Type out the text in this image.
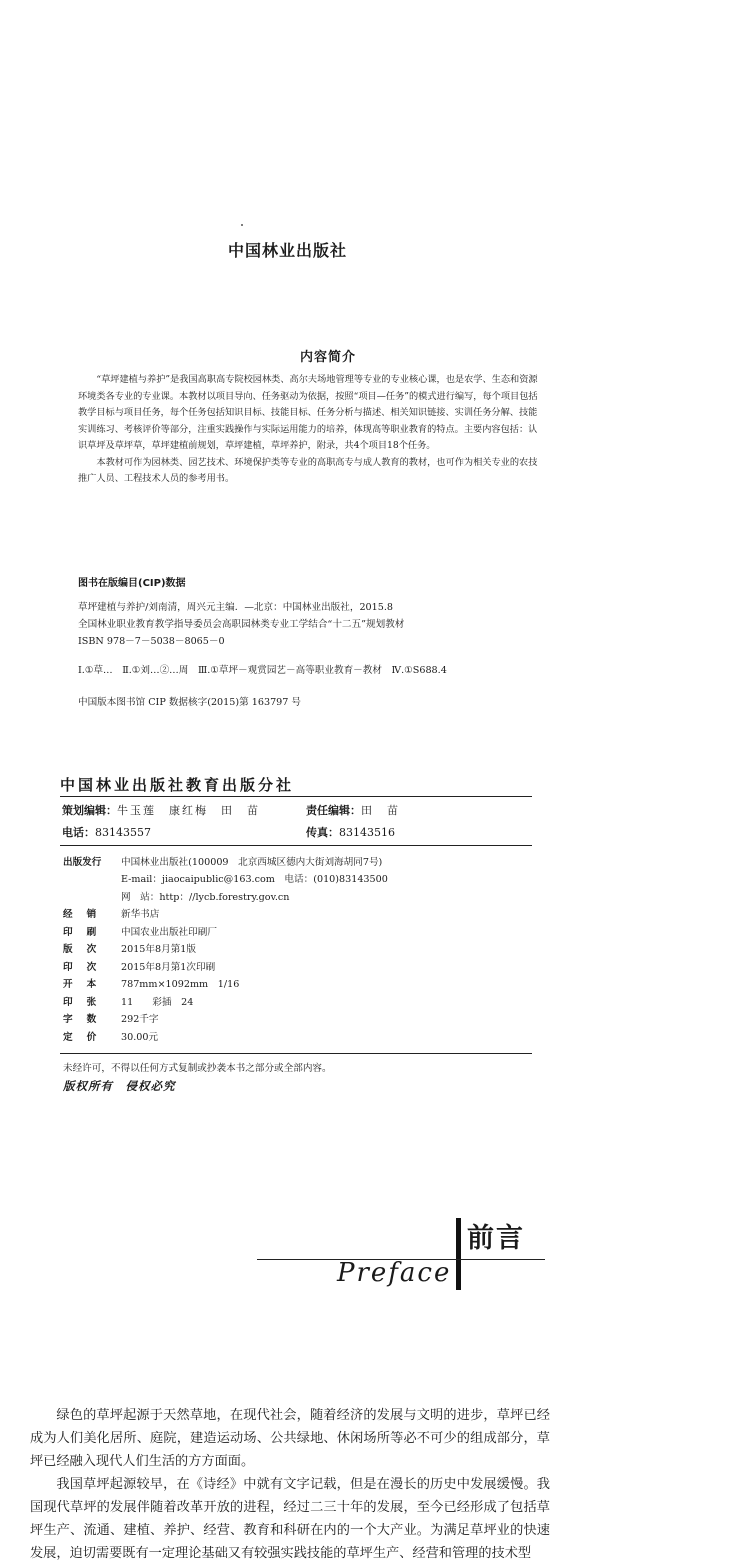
中国林业出版社
内容简介

“草坪建植与养护”是我国高职高专院校园林类、高尔夫场地管理等专业的专业核心课，也是农学、生态和资源环境类各专业的专业课。本教材以项目导向、任务驱动为依据，按照“项目—任务”的模式进行编写，每个项目包括教学目标与项目任务，每个任务包括知识目标、技能目标、任务分析与描述、相关知识链接、实训任务分解、技能实训练习、考核评价等部分，注重实践操作与实际运用能力的培养，体现高等职业教育的特点。主要内容包括：认识草坪及草坪草，草坪建植前规划，草坪建植，草坪养护，附录，共4个项目18个任务。

本教材可作为园林类、园艺技术、环境保护类等专业的高职高专与成人教育的教材，也可作为相关专业的农技推广人员、工程技术人员的参考用书。

图书在版编目(CIP)数据
草坪建植与养护/刘南清，周兴元主编．—北京：中国林业出版社，2015.8
全国林业职业教育教学指导委员会高职园林类专业工学结合“十二五”规划教材
ISBN 978－7－5038－8065－0
Ⅰ.①草…　Ⅱ.①刘…②…周　Ⅲ.①草坪－观赏园艺－高等职业教育－教材　Ⅳ.①S688.4
中国版本图书馆 CIP 数据核字(2015)第 163797 号
中国林业出版社教育出版分社
策划编辑：牛玉莲　康红梅　田　苗	责任编辑：田　苗
电话：83143557	传真：83143516
出版发行	中国林业出版社(100009　北京西城区德内大街刘海胡同7号)
E-mail：jiaocaipublic@163.com　电话：(010)83143500
网　站：http：//lycb.forestry.gov.cn
经销	新华书店
印刷	中国农业出版社印刷厂
版次	2015年8月第1版
印次	2015年8月第1次印刷
开本	787mm×1092mm　1/16
印张	11　　彩插　24
字数	292千字
定价	30.00元
未经许可，不得以任何方式复制或抄袭本书之部分或全部内容。
版权所有　侵权必究
前言
Preface

绿色的草坪起源于天然草地，在现代社会，随着经济的发展与文明的进步，草坪已经成为人们美化居所、庭院，建造运动场、公共绿地、休闲场所等必不可少的组成部分，草坪已经融入现代人们生活的方方面面。

我国草坪起源较早，在《诗经》中就有文字记载，但是在漫长的历史中发展缓慢。我国现代草坪的发展伴随着改革开放的进程，经过二三十年的发展，至今已经形成了包括草坪生产、流通、建植、养护、经营、教育和科研在内的一个大产业。为满足草坪业的快速发展，迫切需要既有一定理论基础又有较强实践技能的草坪生产、经营和管理的技术型
